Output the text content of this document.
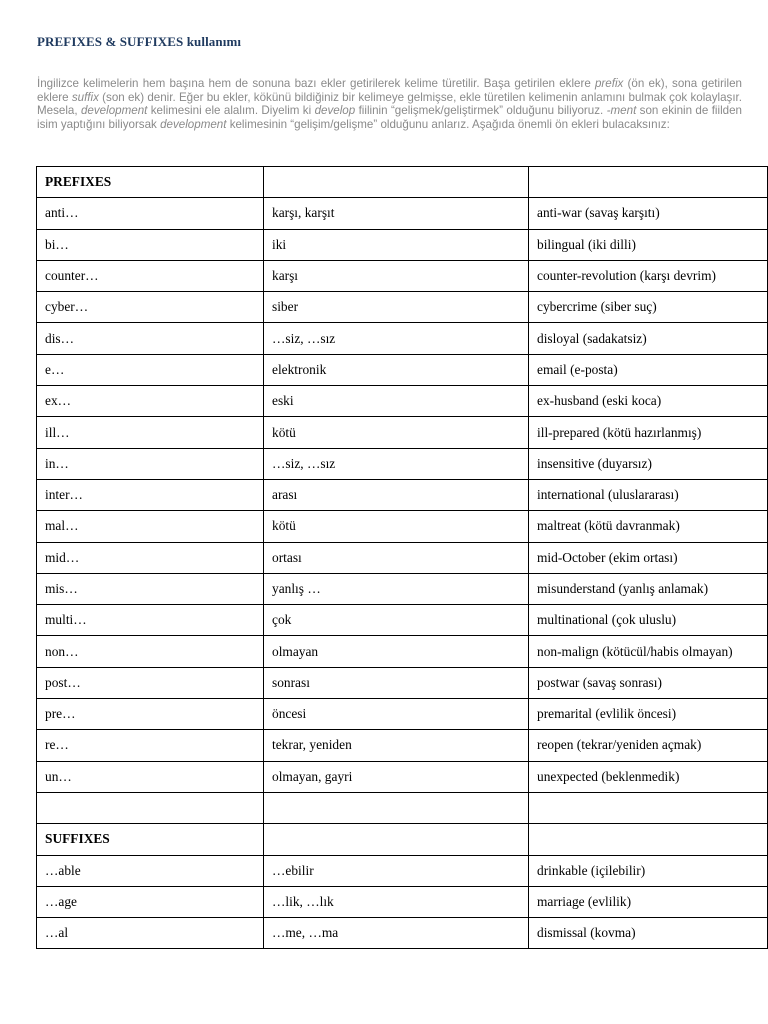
PREFIXES & SUFFIXES kullanımı
İngilizce kelimelerin hem başına hem de sonuna bazı ekler getirilerek kelime türetilir. Başa getirilen eklere prefix (ön ek), sona getirilen eklere suffix (son ek) denir. Eğer bu ekler, kökünü bildiğiniz bir kelimeye gelmişse, ekle türetilen kelimenin anlamını bulmak çok kolaylaşır. Mesela, development kelimesini ele alalım. Diyelim ki develop fiilinin “gelişmek/geliştirmek” olduğunu biliyoruz. -ment son ekinin de fiilden isim yaptığını biliyorsak development kelimesinin “gelişim/gelişme” olduğunu anlarız. Aşağıda önemli ön ekleri bulacaksınız:
PREFIXES		
anti…	karşı, karşıt	anti-war (savaş karşıtı)
bi…	iki	bilingual (iki dilli)
counter…	karşı	counter-revolution (karşı devrim)
cyber…	siber	cybercrime (siber suç)
dis…	…siz, …sız	disloyal (sadakatsiz)
e…	elektronik	email (e-posta)
ex…	eski	ex-husband (eski koca)
ill…	kötü	ill-prepared (kötü hazırlanmış)
in…	…siz, …sız	insensitive (duyarsız)
inter…	arası	international (uluslararası)
mal…	kötü	maltreat (kötü davranmak)
mid…	ortası	mid-October (ekim ortası)
mis…	yanlış …	misunderstand (yanlış anlamak)
multi…	çok	multinational (çok uluslu)
non…	olmayan	non-malign (kötücül/habis olmayan)
post…	sonrası	postwar (savaş sonrası)
pre…	öncesi	premarital (evlilik öncesi)
re…	tekrar, yeniden	reopen (tekrar/yeniden açmak)
un…	olmayan, gayri	unexpected (beklenmedik)

SUFFIXES		
…able	…ebilir	drinkable (içilebilir)
…age	…lik, …lık	marriage (evlilik)
…al	…me, …ma	dismissal (kovma)
